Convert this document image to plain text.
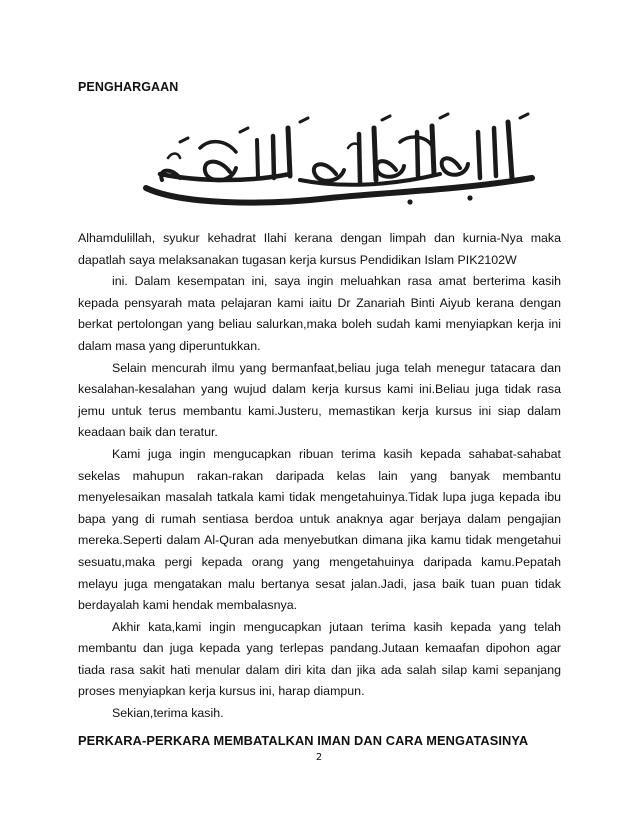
PENGHARGAAN

Alhamdulillah, syukur kehadrat Ilahi kerana dengan limpah dan kurnia-Nya maka dapatlah saya melaksanakan tugasan kerja kursus Pendidikan Islam PIK2102W

ini. Dalam kesempatan ini, saya ingin meluahkan rasa amat berterima kasih kepada pensyarah mata pelajaran kami iaitu Dr Zanariah Binti Aiyub kerana dengan berkat pertolongan yang beliau salurkan,maka boleh sudah kami menyiapkan kerja ini dalam masa yang diperuntukkan.

Selain mencurah ilmu yang bermanfaat,beliau juga telah menegur tatacara dan kesalahan-kesalahan yang wujud dalam kerja kursus kami ini.Beliau juga tidak rasa jemu untuk terus membantu kami.Justeru, memastikan kerja kursus ini siap dalam keadaan baik dan teratur.

Kami juga ingin mengucapkan ribuan terima kasih kepada sahabat-sahabat sekelas mahupun rakan-rakan daripada kelas lain yang banyak membantu menyelesaikan masalah tatkala kami tidak mengetahuinya.Tidak lupa juga kepada ibu bapa yang di rumah sentiasa berdoa untuk anaknya agar berjaya dalam pengajian mereka.Seperti dalam Al-Quran ada menyebutkan dimana jika kamu tidak mengetahui sesuatu,maka pergi kepada orang yang mengetahuinya daripada kamu.Pepatah melayu juga mengatakan malu bertanya sesat jalan.Jadi, jasa baik tuan puan tidak berdayalah kami hendak membalasnya.

Akhir kata,kami ingin mengucapkan jutaan terima kasih kepada yang telah membantu dan juga kepada yang terlepas pandang.Jutaan kemaafan dipohon agar tiada rasa sakit hati menular dalam diri kita dan jika ada salah silap kami sepanjang proses menyiapkan kerja kursus ini, harap diampun.

Sekian,terima kasih.

PERKARA-PERKARA MEMBATALKAN IMAN DAN CARA MENGATASINYA
2
